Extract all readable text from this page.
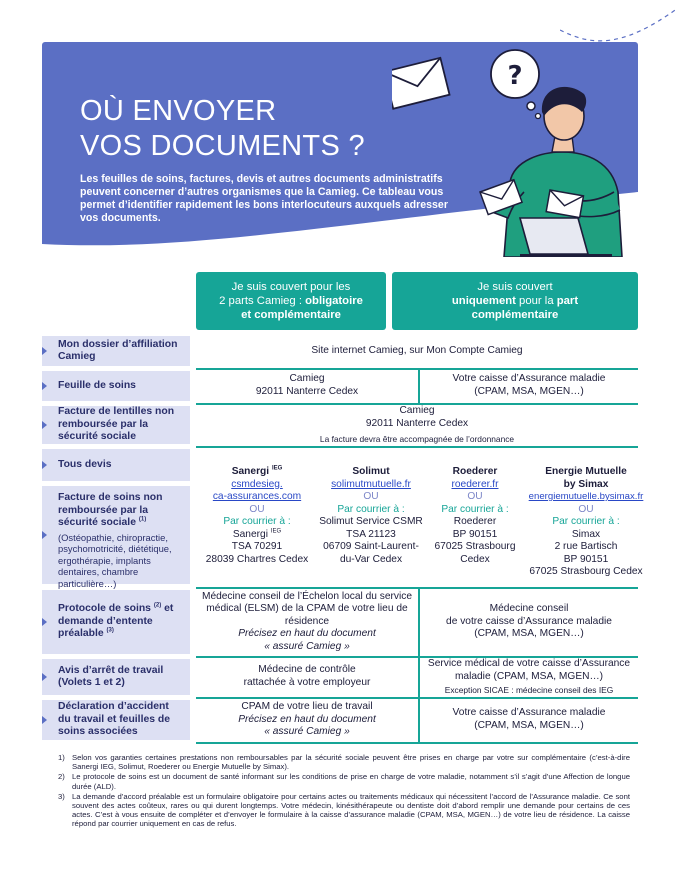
OÙ ENVOYER
VOS DOCUMENTS ?

Les feuilles de soins, factures, devis et autres documents administratifs peuvent concerner d’autres organismes que la Camieg. Ce tableau vous permet d’identifier rapidement les bons interlocuteurs auxquels adresser vos documents.

?
Je suis couvert pour les
2 parts Camieg : obligatoire
et complémentaire
Je suis couvert
uniquement pour la part
complémentaire
Mon dossier d’affiliation Camieg
Feuille de soins
Facture de lentilles non remboursée par la sécurité sociale
Tous devis
Facture de soins non remboursée par la sécurité sociale $^{(1)}$
(Ostéopathie, chiropractie, psychomotricité, diététique, ergothérapie, implants dentaires, chambre particulière…)
Protocole de soins $^{(2)}$ et demande d’entente préalable $^{(3)}$
Avis d’arrêt de travail (Volets 1 et 2)
Déclaration d’accident du travail et feuilles de soins associées
Site internet Camieg, sur Mon Compte Camieg
Camieg
92011 Nanterre Cedex
Votre caisse d’Assurance maladie
(CPAM, MSA, MGEN…)
Camieg
92011 Nanterre Cedex
La facture devra être accompagnée de l’ordonnance
Sanergi $^{IEG}$
csmdesieg.
ca-assurances.com
OU
Par courrier à :
Sanergi $^{IEG}$
TSA 70291
28039 Chartres Cedex
Solimut
solimutmutuelle.fr
OU
Par courrier à :
Solimut Service CSMR
TSA 21123
06709 Saint-Laurent-
du-Var Cedex
Roederer
roederer.fr
OU
Par courrier à :
Roederer
BP 90151
67025 Strasbourg
Cedex
Energie Mutuelle
by Simax
energiemutuelle.bysimax.fr
OU
Par courrier à :
Simax
2 rue Bartisch
BP 90151
67025 Strasbourg Cedex
Médecine conseil de l’Échelon local du service médical (ELSM) de la CPAM de votre lieu de résidence
Précisez en haut du document
« assuré Camieg »
Médecine conseil
de votre caisse d’Assurance maladie
(CPAM, MSA, MGEN…)
Médecine de contrôle
rattachée à votre employeur
Service médical de votre caisse d’Assurance maladie (CPAM, MSA, MGEN…)
Exception SICAE : médecine conseil des IEG
CPAM de votre lieu de travail
Précisez en haut du document
« assuré Camieg »
Votre caisse d’Assurance maladie
(CPAM, MSA, MGEN…)
1) Selon vos garanties certaines prestations non remboursables par la sécurité sociale peuvent être prises en charge par votre sur complémentaire (c’est-à-dire Sanergi IEG, Solimut, Roederer ou Energie Mutuelle by Simax).
2) Le protocole de soins est un document de santé informant sur les conditions de prise en charge de votre maladie, notamment s’il s’agit d’une Affection de longue durée (ALD).
3) La demande d’accord préalable est un formulaire obligatoire pour certains actes ou traitements médicaux qui nécessitent l’accord de l’Assurance maladie. Ce sont souvent des actes coûteux, rares ou qui durent longtemps. Votre médecin, kinésithérapeute ou dentiste doit d’abord remplir une demande pour certains de ces actes. C’est à vous ensuite de compléter et d’envoyer le formulaire à la caisse d’assurance maladie (CPAM, MSA, MGEN…) de votre lieu de résidence. La caisse répond par courrier uniquement en cas de refus.
